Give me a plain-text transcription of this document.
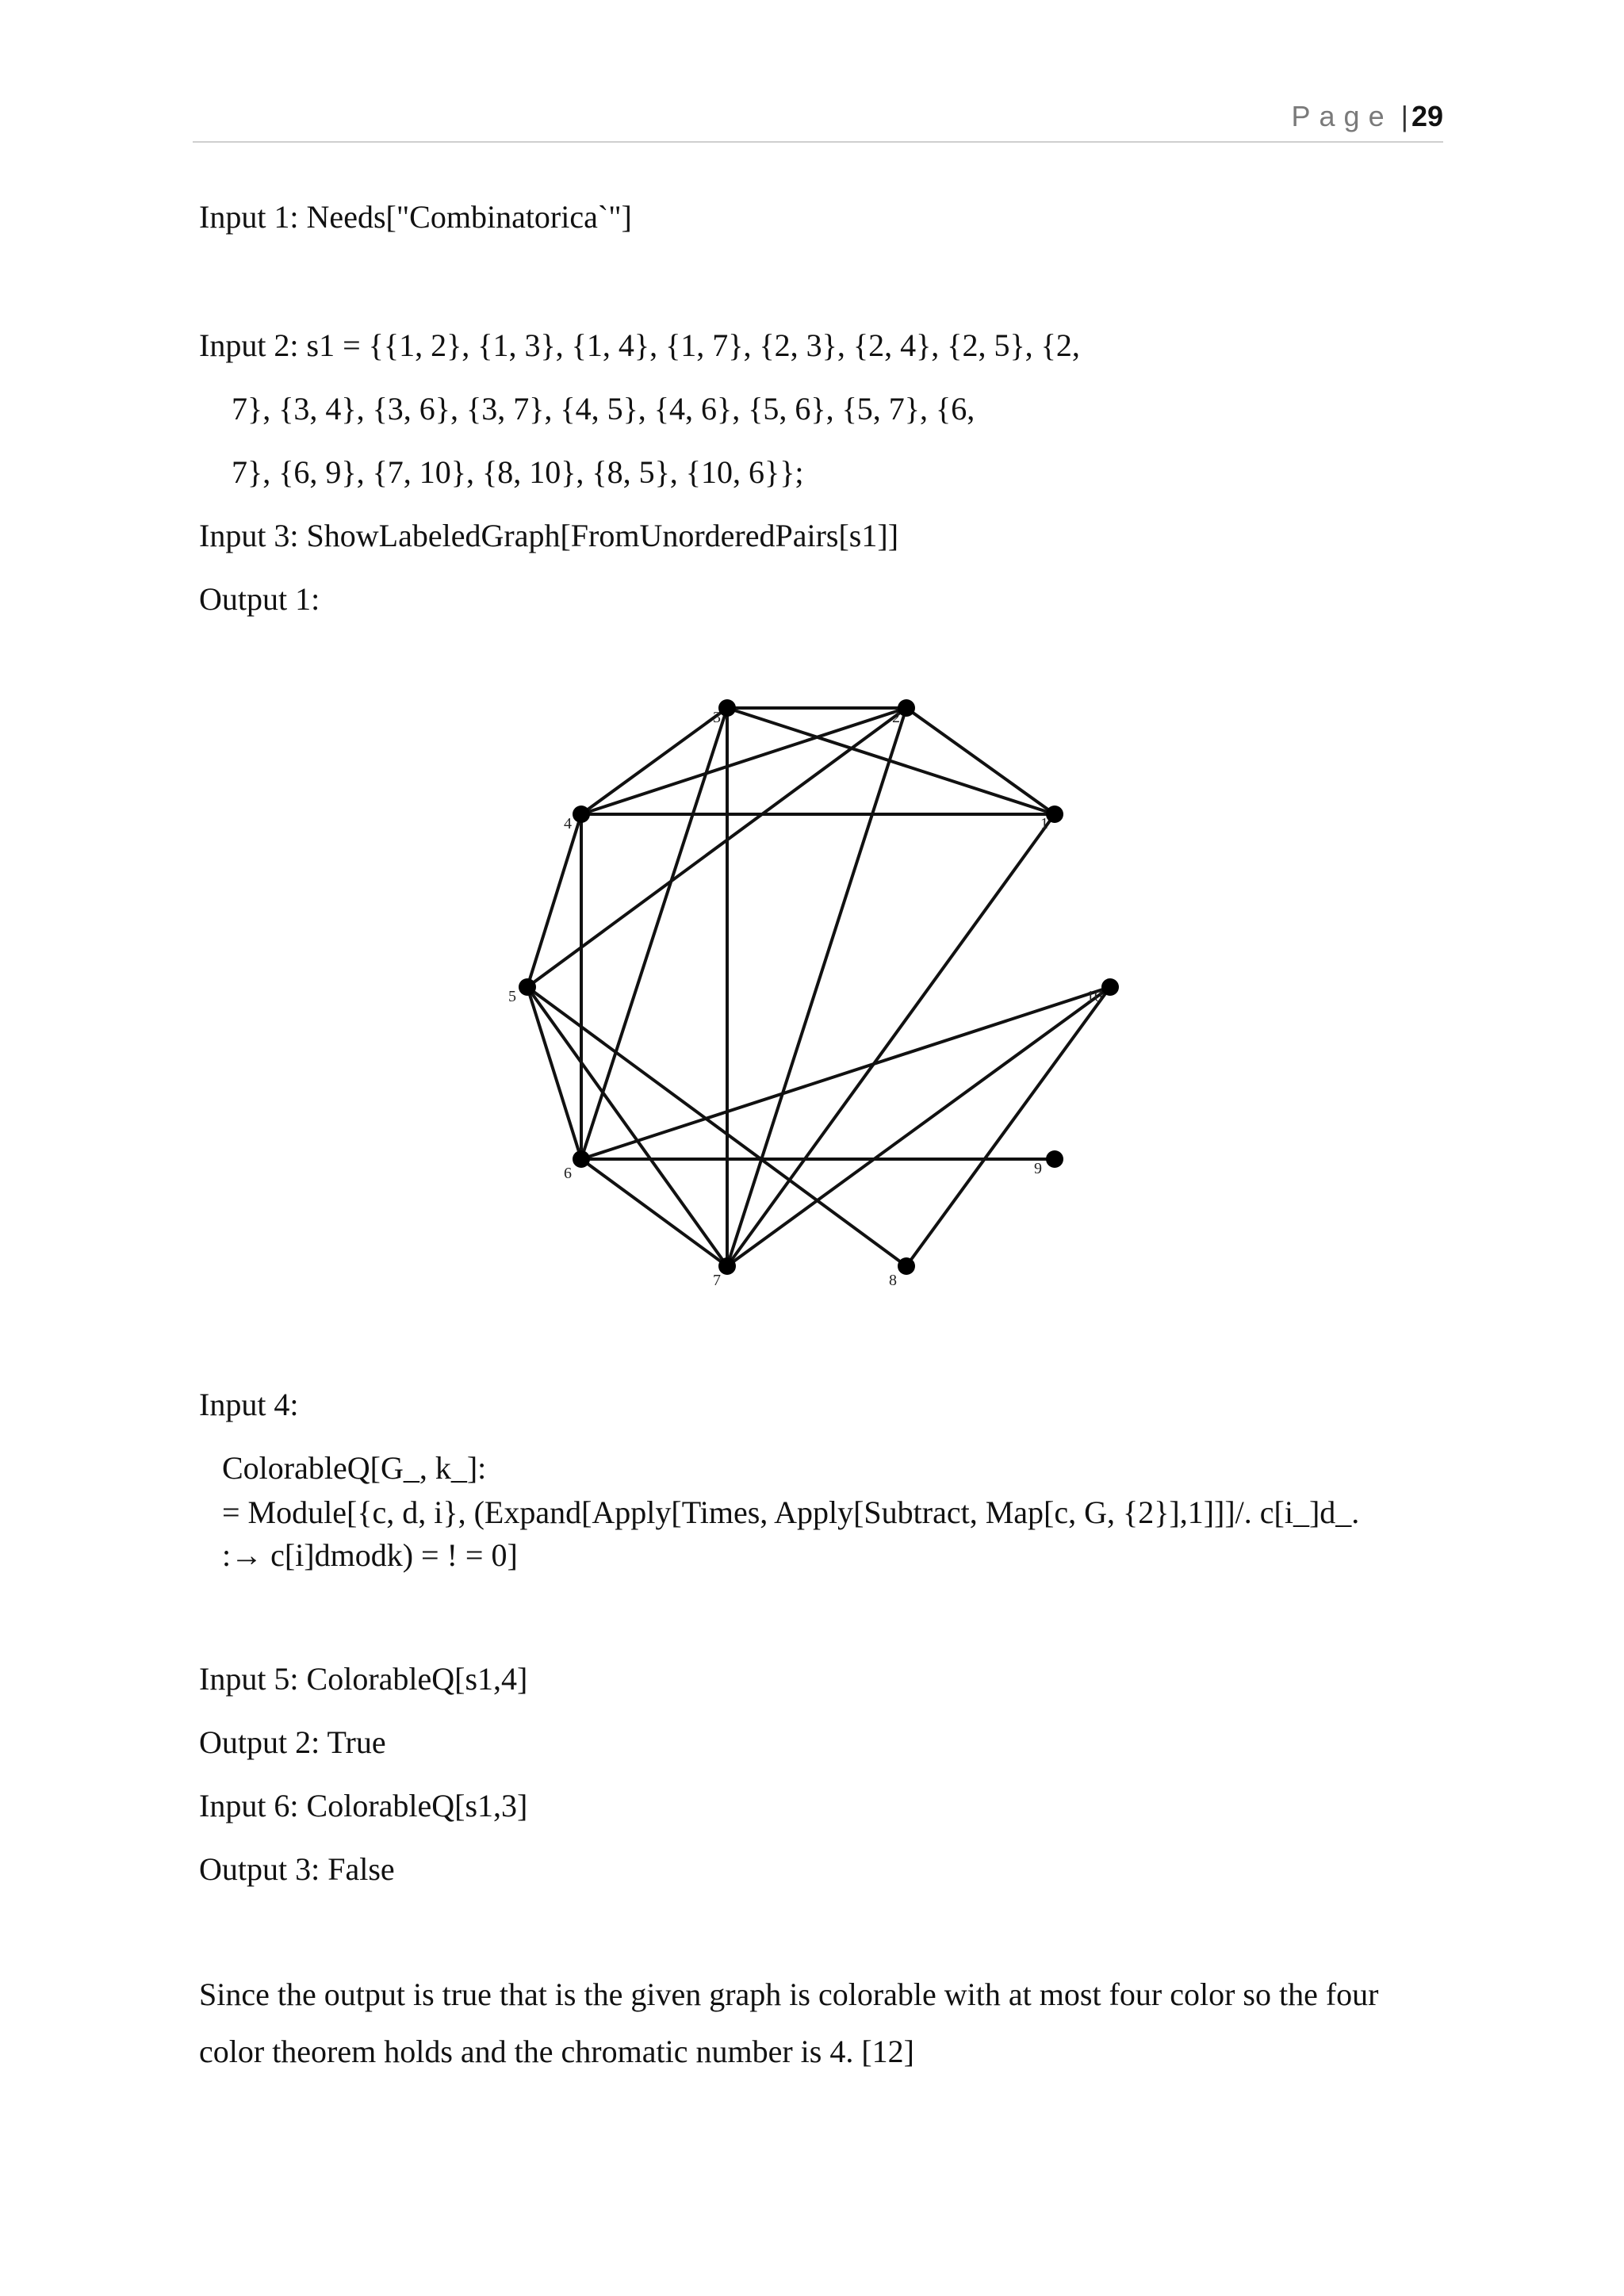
Page | 29
Input 1: Needs["Combinatorica`"]
Input 2: s1 = {{1, 2}, {1, 3}, {1, 4}, {1, 7}, {2, 3}, {2, 4}, {2, 5}, {2,
7}, {3, 4}, {3, 6}, {3, 7}, {4, 5}, {4, 6}, {5, 6}, {5, 7}, {6,
7}, {6, 9}, {7, 10}, {8, 10}, {8, 5}, {10, 6}};
Input 3: ShowLabeledGraph[FromUnorderedPairs[s1]]
Output 1:
1
2
3
4
5
6
7	8
9
10
Input 4:
ColorableQ[G_, k_]:
= Module[{c, d, i}, (Expand[Apply[Times, Apply[Subtract, Map[c, G, {2}],1]]]/. c[i_]d_.
:→ c[i]dmodk) = ! = 0]
Input 5: ColorableQ[s1,4]
Output 2: True
Input 6: ColorableQ[s1,3]
Output 3: False
Since the output is true that is the given graph is colorable with at most four color so the four color theorem holds and the chromatic number is 4. [12]
